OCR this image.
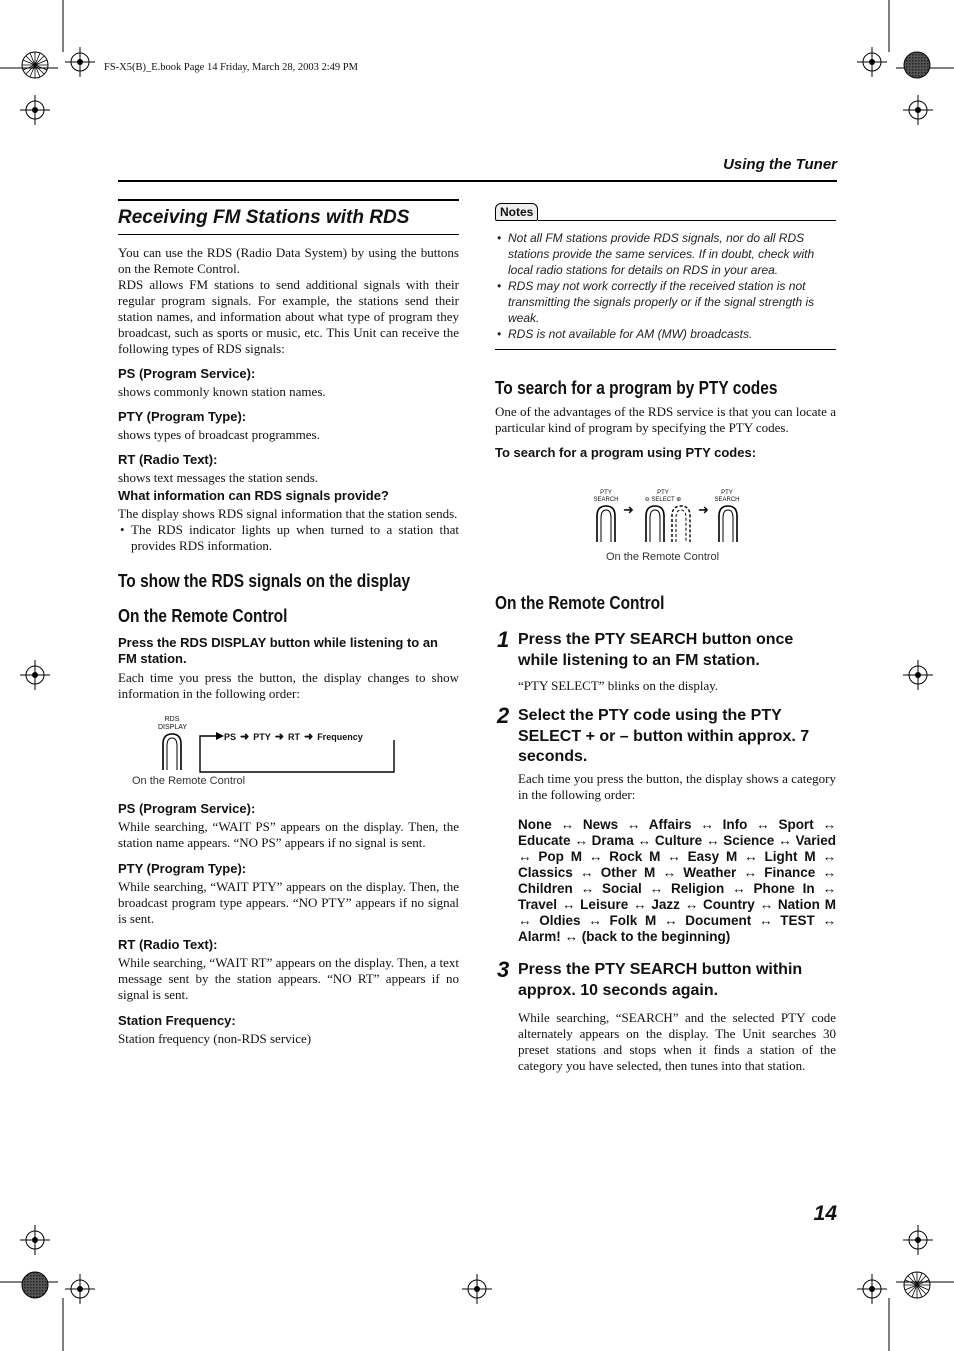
FS-X5(B)_E.book Page 14 Friday, March 28, 2003 2:49 PM
Using the Tuner
Receiving FM Stations with RDS
You can use the RDS (Radio Data System) by using the buttons on the Remote Control.
RDS allows FM stations to send additional signals with their regular program signals. For example, the stations send their station names, and information about what type of program they broadcast, such as sports or music, etc. This Unit can receive the following types of RDS signals:
PS (Program Service):
shows commonly known station names.
PTY (Program Type):
shows types of broadcast programmes.
RT (Radio Text):
shows text messages the station sends.
What information can RDS signals provide?
The display shows RDS signal information that the station sends.
• The RDS indicator lights up when turned to a station that provides RDS information.
To show the RDS signals on the display
On the Remote Control
Press the RDS DISPLAY button while listening to an FM station.
Each time you press the button, the display changes to show information in the following order:
RDS
DISPLAY
PS ➜ PTY ➜ RT ➜ Frequency
On the Remote Control
PS (Program Service):
While searching, “WAIT PS” appears on the display. Then, the station name appears. “NO PS” appears if no signal is sent.
PTY (Program Type):
While searching, “WAIT PTY” appears on the display. Then, the broadcast program type appears. “NO PTY” appears if no signal is sent.
RT (Radio Text):
While searching, “WAIT RT” appears on the display. Then, a text message sent by the station appears. “NO RT” appears if no signal is sent.
Station Frequency:
Station frequency (non-RDS service)
Notes
• Not all FM stations provide RDS signals, nor do all RDS stations provide the same services. If in doubt, check with local radio stations for details on RDS in your area.
• RDS may not work correctly if the received station is not transmitting the signals properly or if the signal strength is weak.
• RDS is not available for AM (MW) broadcasts.
To search for a program by PTY codes
One of the advantages of the RDS service is that you can locate a particular kind of program by specifying the PTY codes.
To search for a program using PTY codes:
PTY
SEARCH
➜
PTY
⊖ SELECT ⊕
➜
PTY
SEARCH
On the Remote Control
On the Remote Control
1 Press the PTY SEARCH button once while listening to an FM station.
“PTY SELECT” blinks on the display.
2 Select the PTY code using the PTY SELECT + or – button within approx. 7 seconds.
Each time you press the button, the display shows a category in the following order:
None ↔ News ↔ Affairs ↔ Info ↔ Sport ↔ Educate ↔ Drama ↔ Culture ↔ Science ↔ Varied ↔ Pop M ↔ Rock M ↔ Easy M ↔ Light M ↔ Classics ↔ Other M ↔ Weather ↔ Finance ↔ Children ↔ Social ↔ Religion ↔ Phone In ↔ Travel ↔ Leisure ↔ Jazz ↔ Country ↔ Nation M ↔ Oldies ↔ Folk M ↔ Document ↔ TEST ↔ Alarm! ↔ (back to the beginning)
3 Press the PTY SEARCH button within approx. 10 seconds again.
While searching, “SEARCH” and the selected PTY code alternately appears on the display. The Unit searches 30 preset stations and stops when it finds a station of the category you have selected, then tunes into that station.
14
